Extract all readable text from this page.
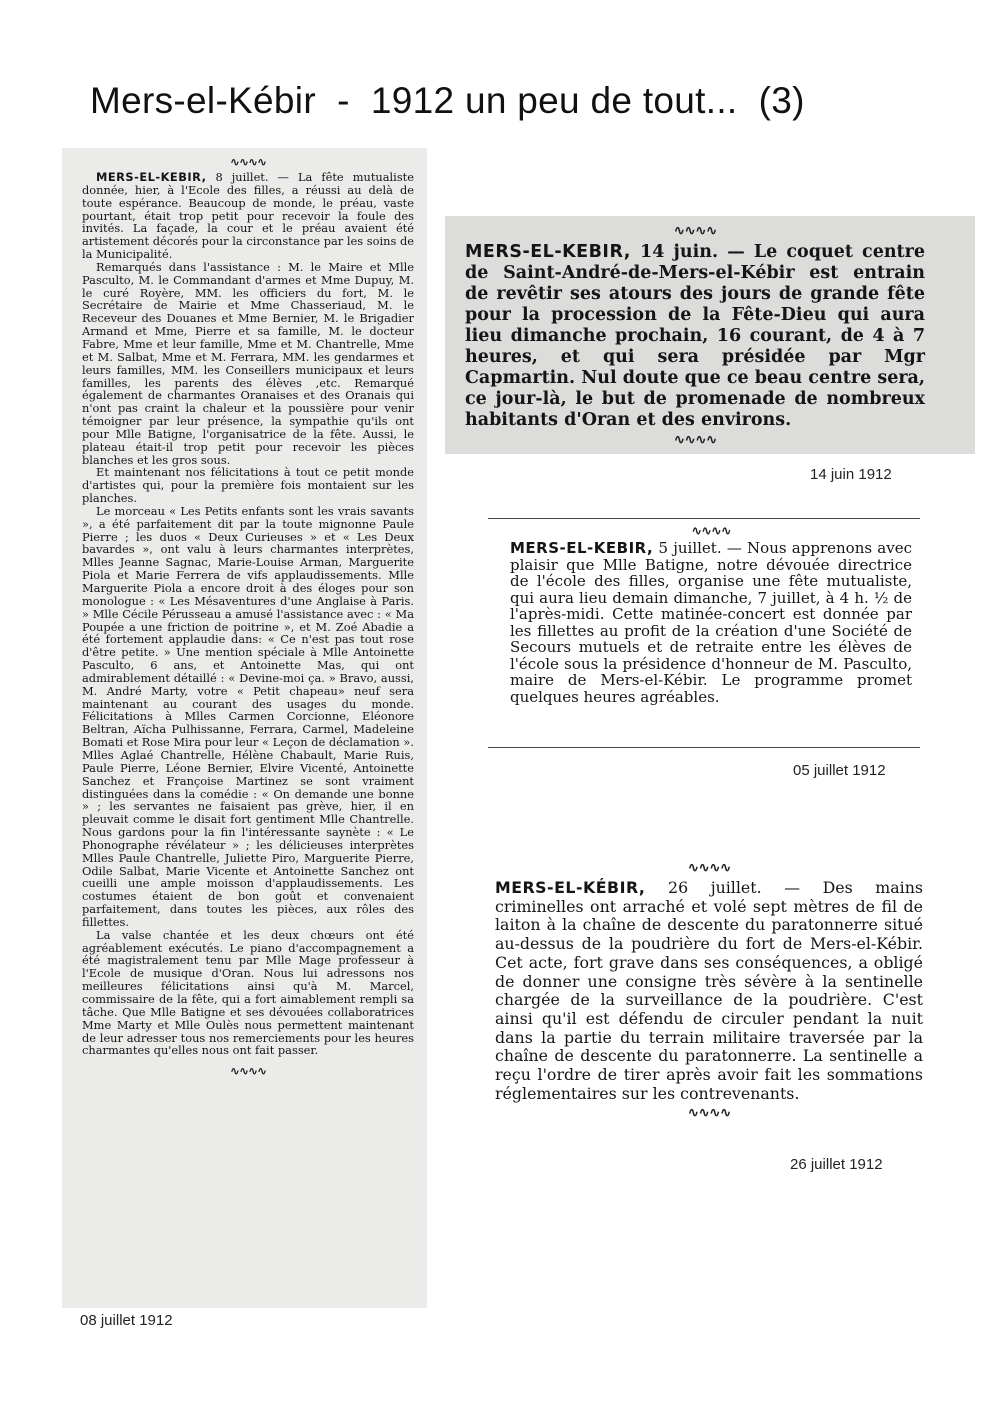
Mers-el-Kébir  -  1912 un peu de tout...  (3)
∿∿∿∿

MERS-EL-KEBIR, 8 juillet. — La fête mutualiste donnée, hier, à l'Ecole des filles, a réussi au delà de toute espérance. Beaucoup de monde, le préau, vaste pourtant, était trop petit pour recevoir la foule des invités. La façade, la cour et le préau avaient été artistement décorés pour la circonstance par les soins de la Municipalité.

Remarqués dans l'assistance : M. le Maire et Mlle Pasculto, M. le Commandant d'armes et Mme Dupuy, M. le curé Royère, MM. les officiers du fort, M. le Secrétaire de Mairie et Mme Chasseriaud, M. le Receveur des Douanes et Mme Bernier, M. le Brigadier Armand et Mme, Pierre et sa famille, M. le docteur Fabre, Mme et leur famille, Mme et M. Chantrelle, Mme et M. Salbat, Mme et M. Ferrara, MM. les gendarmes et leurs familles, MM. les Conseillers municipaux et leurs familles, les parents des élèves ,etc. Remarqué également de charmantes Oranaises et des Oranais qui n'ont pas craint la chaleur et la poussière pour venir témoigner par leur présence, la sympathie qu'ils ont pour Mlle Batigne, l'organisatrice de la fête. Aussi, le plateau était-il trop petit pour recevoir les pièces blanches et les gros sous.

Et maintenant nos félicitations à tout ce petit monde d'artistes qui, pour la première fois montaient sur les planches.

Le morceau « Les Petits enfants sont les vrais savants », a été parfaitement dit par la toute mignonne Paule Pierre ; les duos « Deux Curieuses » et « Les Deux bavardes », ont valu à leurs charmantes interprètes, Mlles Jeanne Sagnac, Marie-Louise Arman, Marguerite Piola et Marie Ferrera de vifs applaudissements. Mlle Marguerite Piola a encore droit à des éloges pour son monologue : « Les Mésaventures d'une Anglaise à Paris. » Mlle Cécile Pérusseau a amusé l'assistance avec : « Ma Poupée a une friction de poitrine », et M. Zoé Abadie a été fortement applaudie dans: « Ce n'est pas tout rose d'être petite. » Une mention spéciale à Mlle Antoinette Pasculto, 6 ans, et Antoinette Mas, qui ont admirablement détaillé : « Devine-moi ça. » Bravo, aussi, M. André Marty, votre « Petit chapeau» neuf sera maintenant au courant des usages du monde. Félicitations à Mlles Carmen Corcionne, Eléonore Beltran, Aïcha Pulhissanne, Ferrara, Carmel, Madeleine Bomati et Rose Mira pour leur « Leçon de déclamation ». Mlles Aglaé Chantrelle, Hélène Chabault, Marie Ruis, Paule Pierre, Léone Bernier, Elvire Vicenté, Antoinette Sanchez et Françoise Martinez se sont vraiment distinguées dans la comédie : « On demande une bonne » ; les servantes ne faisaient pas grève, hier, il en pleuvait comme le disait fort gentiment Mlle Chantrelle. Nous gardons pour la fin l'intéressante saynète : « Le Phonographe révélateur » ; les délicieuses interprètes Mlles Paule Chantrelle, Juliette Piro, Marguerite Pierre, Odile Salbat, Marie Vicente et Antoinette Sanchez ont cueilli une ample moisson d'applaudissements. Les costumes étaient de bon goût et convenaient parfaitement, dans toutes les pièces, aux rôles des fillettes.

La valse chantée et les deux chœurs ont été agréablement exécutés. Le piano d'accompagnement a été magistralement tenu par Mlle Mage professeur à l'Ecole de musique d'Oran. Nous lui adressons nos meilleures félicitations ainsi qu'à M. Marcel, commissaire de la fête, qui a fort aimablement rempli sa tâche. Que Mlle Batigne et ses dévouées collaboratrices Mme Marty et Mlle Oulès nous permettent maintenant de leur adresser tous nos remerciements pour les heures charmantes qu'elles nous ont fait passer.

∿∿∿∿
08 juillet 1912
∿∿∿∿

MERS-EL-KEBIR, 14 juin. — Le coquet centre de Saint-André-de-Mers-el-Kébir est entrain de revêtir ses atours des jours de grande fête pour la procession de la Fête-Dieu qui aura lieu dimanche prochain, 16 courant, de 4 à 7 heures, et qui sera présidée par Mgr Capmartin. Nul doute que ce beau centre sera, ce jour-là, le but de promenade de nombreux habitants d'Oran et des environs.

∿∿∿∿
14 juin 1912
∿∿∿∿

MERS-EL-KEBIR, 5 juillet. — Nous apprenons avec plaisir que Mlle Batigne, notre dévouée directrice de l'école des filles, organise une fête mutualiste, qui aura lieu demain dimanche, 7 juillet, à 4 h. ½ de l'après-midi. Cette matinée-concert est donnée par les fillettes au profit de la création d'une Société de Secours mutuels et de retraite entre les élèves de l'école sous la présidence d'honneur de M. Pasculto, maire de Mers-el-Kébir. Le programme promet quelques heures agréables.

05 juillet 1912
∿∿∿∿

MERS-EL-KÉBIR, 26 juillet. — Des mains criminelles ont arraché et volé sept mètres de fil de laiton à la chaîne de descente du paratonnerre situé au-dessus de la poudrière du fort de Mers-el-Kébir. Cet acte, fort grave dans ses conséquences, a obligé de donner une consigne très sévère à la sentinelle chargée de la surveillance de la poudrière. C'est ainsi qu'il est défendu de circuler pendant la nuit dans la partie du terrain militaire traversée par la chaîne de descente du paratonnerre. La sentinelle a reçu l'ordre de tirer après avoir fait les sommations réglementaires sur les contrevenants.

∿∿∿∿
26 juillet 1912
